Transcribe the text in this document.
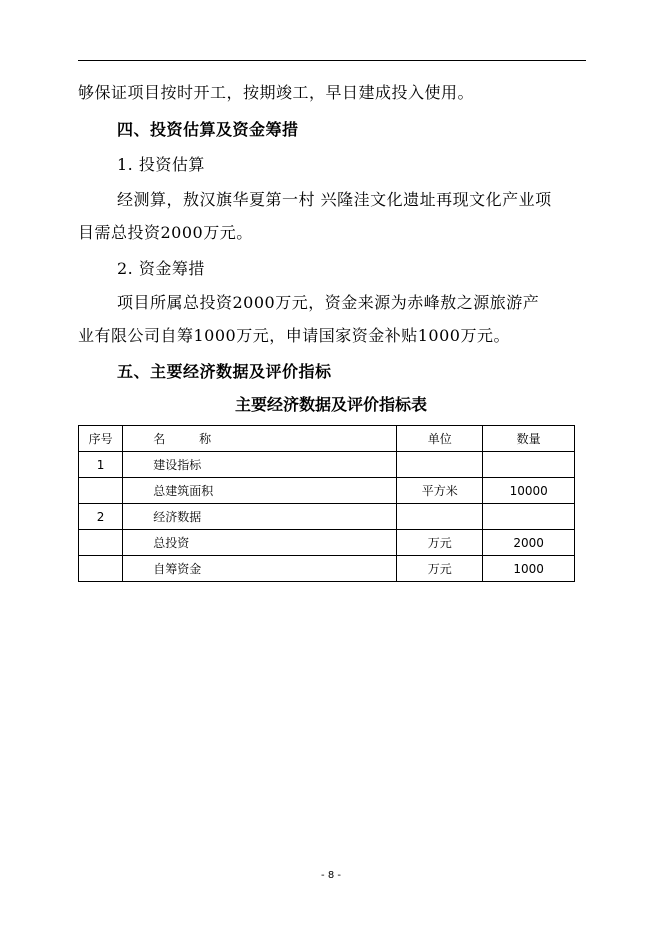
够保证项目按时开工，按期竣工，早日建成投入使用。
四、投资估算及资金筹措
1. 投资估算
经测算，敖汉旗华夏第一村 兴隆洼文化遗址再现文化产业项
目需总投资2000万元。
2. 资金筹措
项目所属总投资2000万元，资金来源为赤峰敖之源旅游产
业有限公司自筹1000万元，申请国家资金补贴1000万元。
五、主要经济数据及评价指标
主要经济数据及评价指标表
序号	名 称	单位	数量
1	建设指标		
	总建筑面积	平方米	10000
2	经济数据		
	总投资	万元	2000
	自筹资金	万元	1000
- 8 -
